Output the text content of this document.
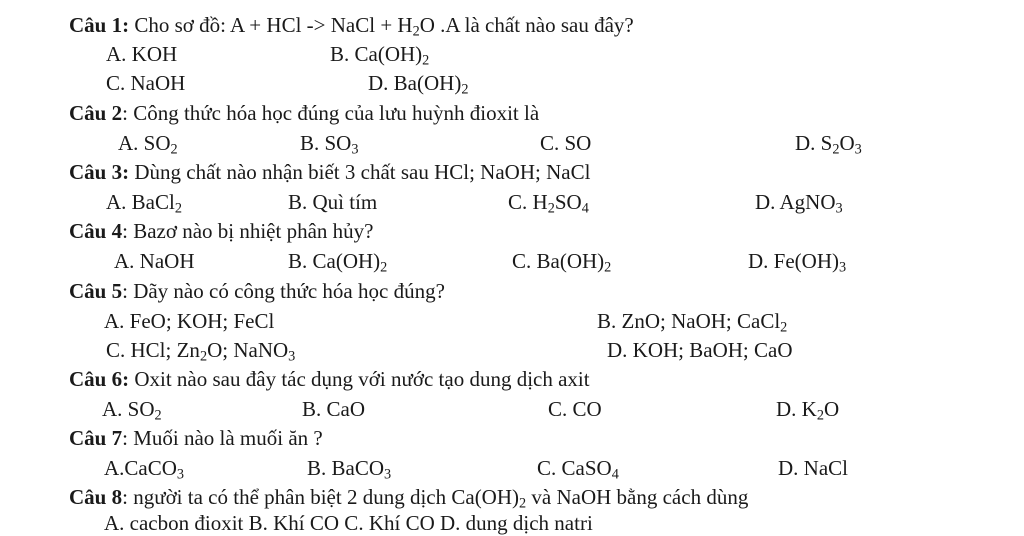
Câu 1: Cho sơ đồ: A + HCl -> NaCl + $H_2O$ .A là chất nào sau đây?
A. KOH	B. $Ca(OH)_2$
C. NaOH	D. $Ba(OH)_2$
Câu 2: Công thức hóa học đúng của lưu huỳnh đioxit là
A. $SO_2$	B. $SO_3$	C. SO	D. $S_2O_3$
Câu 3: Dùng chất nào nhận biết 3 chất sau HCl; NaOH; NaCl
A. BaCl$_2$	B. Quì tím	C. $H_2SO_4$	D. AgNO$_3$
Câu 4: Bazơ nào bị nhiệt phân hủy?
A. NaOH	B. $Ca(OH)_2$	C. $Ba(OH)_2$	D. $Fe(OH)_3$
Câu 5: Dãy nào có công thức hóa học đúng?
A. FeO; KOH; FeCl	B. ZnO; NaOH; CaCl$_2$
C. HCl; $Zn_2O$; NaNO$_3$	D. KOH; BaOH; CaO
Câu 6: Oxit nào sau đây tác dụng với nước tạo dung dịch axit
A. $SO_2$	B. CaO	C. CO	D. $K_2O$
Câu 7: Muối nào là muối ăn ?
A.CaCO$_3$	B. BaCO$_3$	C. CaSO$_4$	D. NaCl
Câu 8: người ta có thể phân biệt 2 dung dịch $Ca(OH)_2$ và NaOH bằng cách dùng
A. cacbon đioxit B. Khí CO C. Khí CO D. dung dịch natri
